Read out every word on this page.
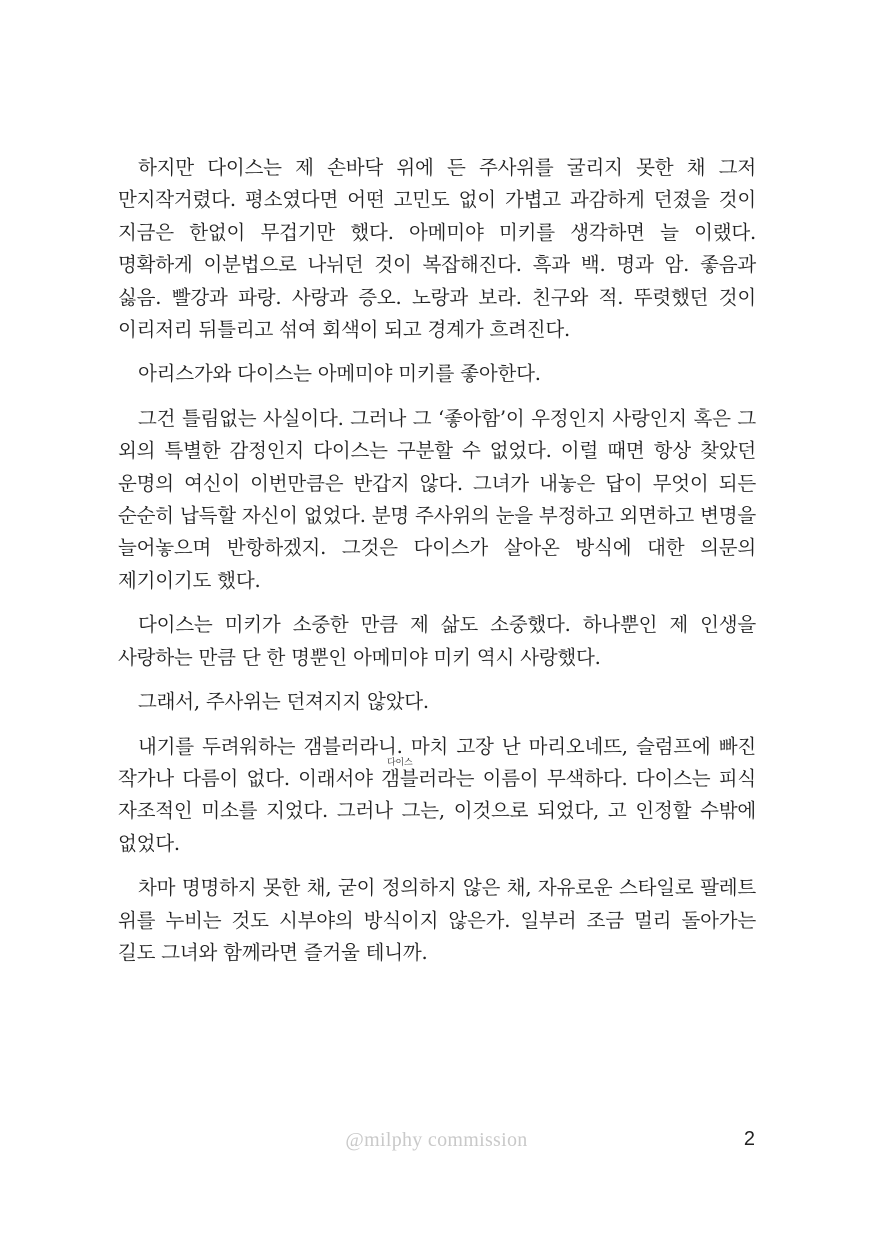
하지만 다이스는 제 손바닥 위에 든 주사위를 굴리지 못한 채 그저 만지작거렸다. 평소였다면 어떤 고민도 없이 가볍고 과감하게 던졌을 것이 지금은 한없이 무겁기만 했다. 아메미야 미키를 생각하면 늘 이랬다. 명확하게 이분법으로 나뉘던 것이 복잡해진다. 흑과 백. 명과 암. 좋음과 싫음. 빨강과 파랑. 사랑과 증오. 노랑과 보라. 친구와 적. 뚜렷했던 것이 이리저리 뒤틀리고 섞여 회색이 되고 경계가 흐려진다.

아리스가와 다이스는 아메미야 미키를 좋아한다.

그건 틀림없는 사실이다. 그러나 그 ‘좋아함’이 우정인지 사랑인지 혹은 그 외의 특별한 감정인지 다이스는 구분할 수 없었다. 이럴 때면 항상 찾았던 운명의 여신이 이번만큼은 반갑지 않다. 그녀가 내놓은 답이 무엇이 되든 순순히 납득할 자신이 없었다. 분명 주사위의 눈을 부정하고 외면하고 변명을 늘어놓으며 반항하겠지. 그것은 다이스가 살아온 방식에 대한 의문의 제기이기도 했다.

다이스는 미키가 소중한 만큼 제 삶도 소중했다. 하나뿐인 제 인생을 사랑하는 만큼 단 한 명뿐인 아메미야 미키 역시 사랑했다.

그래서, 주사위는 던져지지 않았다.

내기를 두려워하는 갬블러라니. 마치 고장 난 마리오네뜨, 슬럼프에 빠진 작가나 다름이 없다. 이래서야 갬블다이스러라는 이름이 무색하다. 다이스는 피식 자조적인 미소를 지었다. 그러나 그는, 이것으로 되었다, 고 인정할 수밖에 없었다.

차마 명명하지 못한 채, 굳이 정의하지 않은 채, 자유로운 스타일로 팔레트 위를 누비는 것도 시부야의 방식이지 않은가. 일부러 조금 멀리 돌아가는 길도 그녀와 함께라면 즐거울 테니까.

@milphy commission	2
